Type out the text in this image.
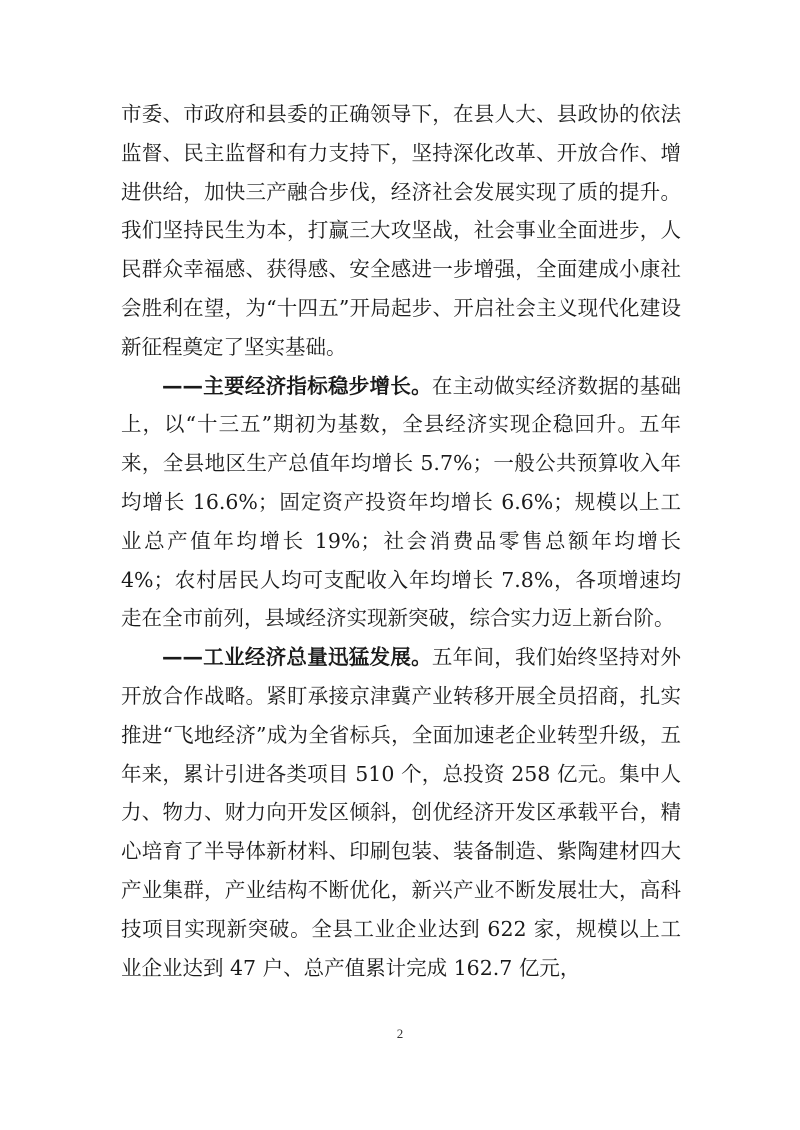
市委、市政府和县委的正确领导下，在县人大、县政协的依法监督、民主监督和有力支持下，坚持深化改革、开放合作、增进供给，加快三产融合步伐，经济社会发展实现了质的提升。我们坚持民生为本，打赢三大攻坚战，社会事业全面进步，人民群众幸福感、获得感、安全感进一步增强，全面建成小康社会胜利在望，为“十四五”开局起步、开启社会主义现代化建设新征程奠定了坚实基础。

——主要经济指标稳步增长。在主动做实经济数据的基础上，以“十三五”期初为基数，全县经济实现企稳回升。五年来，全县地区生产总值年均增长 5.7%；一般公共预算收入年均增长 16.6%；固定资产投资年均增长 6.6%；规模以上工业总产值年均增长 19%；社会消费品零售总额年均增长 4%；农村居民人均可支配收入年均增长 7.8%，各项增速均走在全市前列，县域经济实现新突破，综合实力迈上新台阶。

——工业经济总量迅猛发展。五年间，我们始终坚持对外开放合作战略。紧盯承接京津冀产业转移开展全员招商，扎实推进“飞地经济”成为全省标兵，全面加速老企业转型升级，五年来，累计引进各类项目 510 个，总投资 258 亿元。集中人力、物力、财力向开发区倾斜，创优经济开发区承载平台，精心培育了半导体新材料、印刷包装、装备制造、紫陶建材四大产业集群，产业结构不断优化，新兴产业不断发展壮大，高科技项目实现新突破。全县工业企业达到 622 家，规模以上工业企业达到 47 户、总产值累计完成 162.7 亿元，

2
